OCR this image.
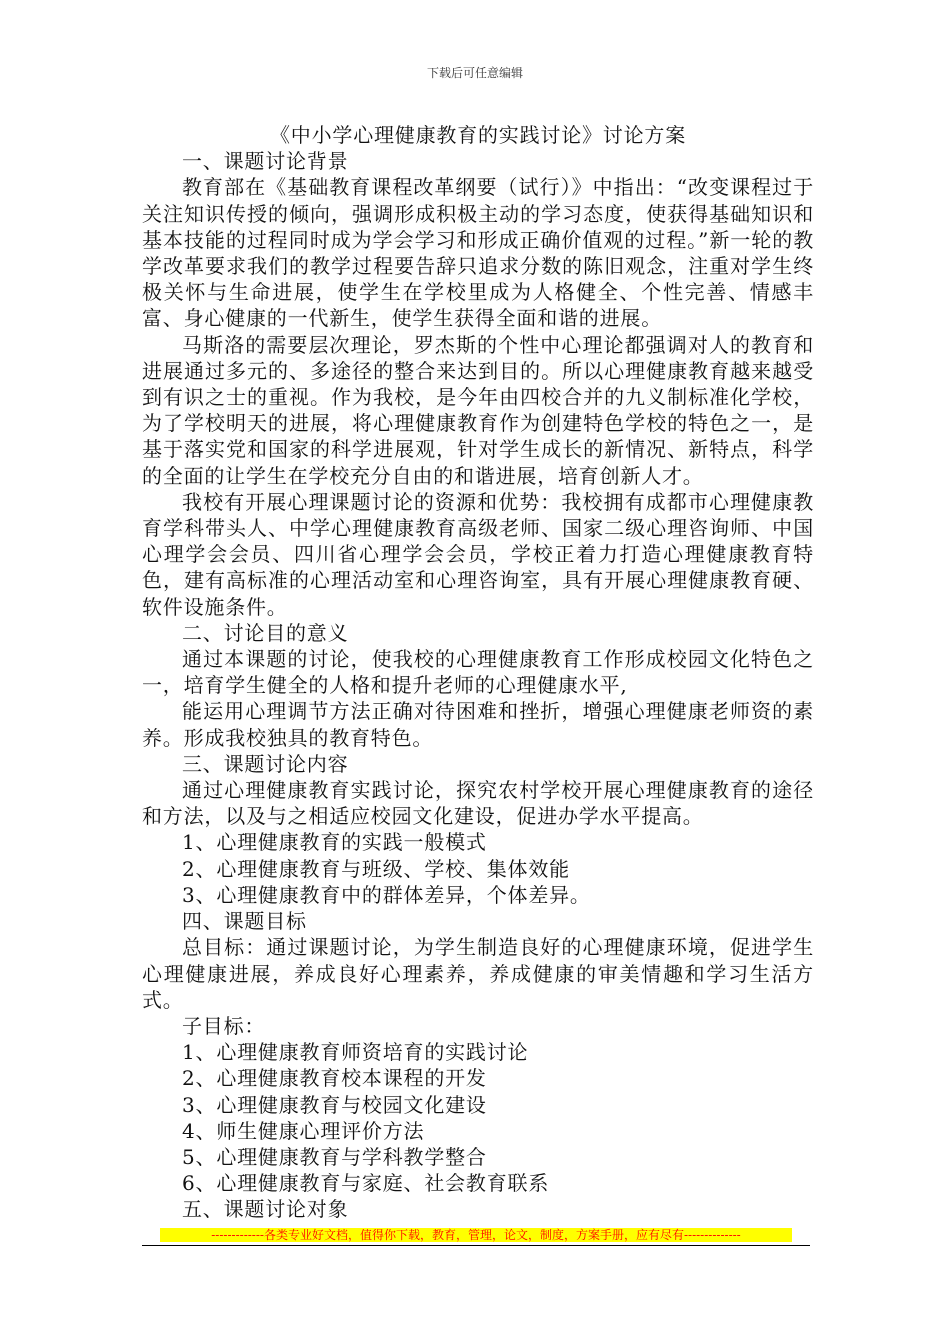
下载后可任意编辑

《中小学心理健康教育的实践讨论》讨论方案

一、课题讨论背景

教育部在《基础教育课程改革纲要（试行）》中指出：“改变课程过于关注知识传授的倾向，强调形成积极主动的学习态度，使获得基础知识和基本技能的过程同时成为学会学习和形成正确价值观的过程。”新一轮的教学改革要求我们的教学过程要告辞只追求分数的陈旧观念，注重对学生终极关怀与生命进展，使学生在学校里成为人格健全、个性完善、情感丰富、身心健康的一代新生，使学生获得全面和谐的进展。

马斯洛的需要层次理论，罗杰斯的个性中心理论都强调对人的教育和进展通过多元的、多途径的整合来达到目的。所以心理健康教育越来越受到有识之士的重视。作为我校，是今年由四校合并的九义制标准化学校，为了学校明天的进展，将心理健康教育作为创建特色学校的特色之一，是基于落实党和国家的科学进展观，针对学生成长的新情况、新特点，科学的全面的让学生在学校充分自由的和谐进展，培育创新人才。

我校有开展心理课题讨论的资源和优势：我校拥有成都市心理健康教育学科带头人、中学心理健康教育高级老师、国家二级心理咨询师、中国心理学会会员、四川省心理学会会员，学校正着力打造心理健康教育特色，建有高标准的心理活动室和心理咨询室，具有开展心理健康教育硬、软件设施条件。

二、讨论目的意义

通过本课题的讨论，使我校的心理健康教育工作形成校园文化特色之一，培育学生健全的人格和提升老师的心理健康水平,

能运用心理调节方法正确对待困难和挫折，增强心理健康老师资的素养。形成我校独具的教育特色。

三、课题讨论内容

通过心理健康教育实践讨论，探究农村学校开展心理健康教育的途径和方法，以及与之相适应校园文化建设，促进办学水平提高。

1、心理健康教育的实践一般模式

2、心理健康教育与班级、学校、集体效能

3、心理健康教育中的群体差异，个体差异。

四、课题目标

总目标：通过课题讨论，为学生制造良好的心理健康环境，促进学生心理健康进展，养成良好心理素养，养成健康的审美情趣和学习生活方式。

子目标：

1、心理健康教育师资培育的实践讨论

2、心理健康教育校本课程的开发

3、心理健康教育与校园文化建设

4、师生健康心理评价方法

5、心理健康教育与学科教学整合

6、心理健康教育与家庭、社会教育联系

五、课题讨论对象

-------------各类专业好文档，值得你下载，教育，管理，论文，制度，方案手册，应有尽有--------------
